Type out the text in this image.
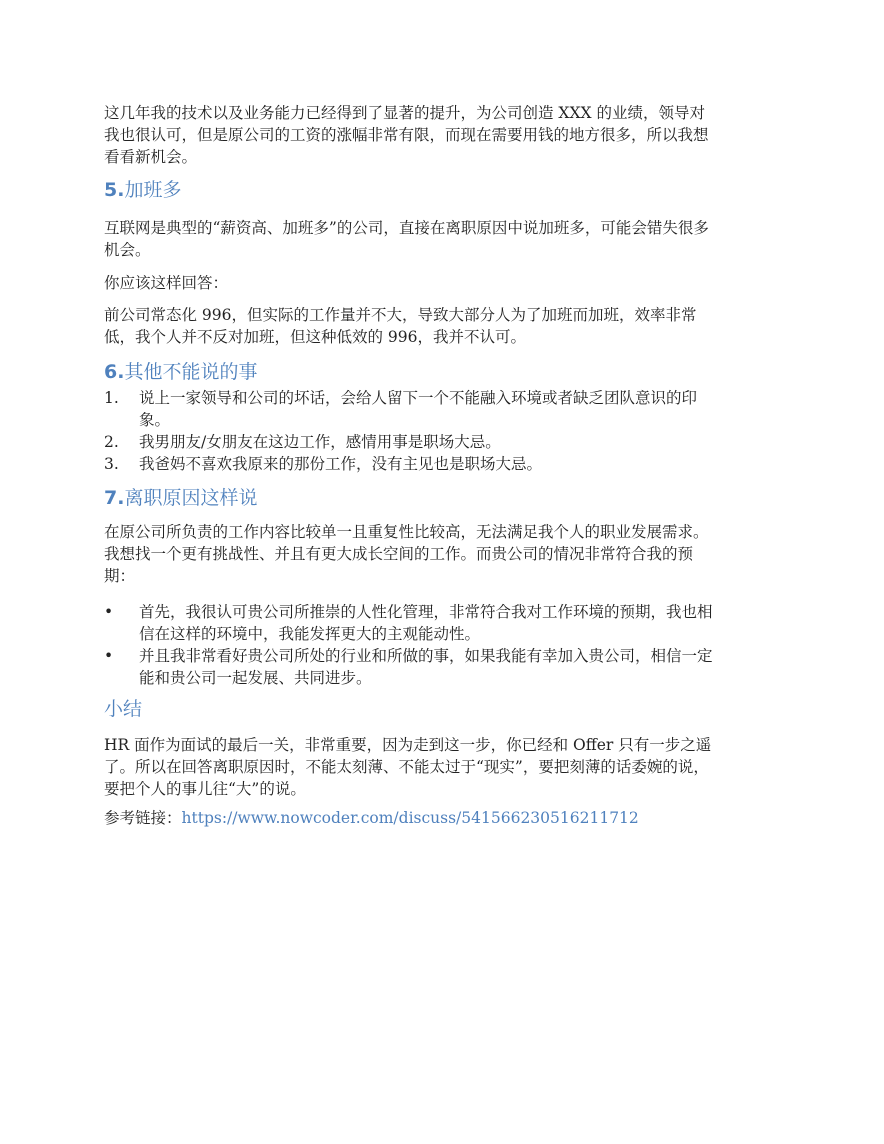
这几年我的技术以及业务能力已经得到了显著的提升，为公司创造 XXX 的业绩，领导对
我也很认可，但是原公司的工资的涨幅非常有限，而现在需要用钱的地方很多，所以我想
看看新机会。
5.加班多
互联网是典型的“薪资高、加班多”的公司，直接在离职原因中说加班多，可能会错失很多
机会。
你应该这样回答：
前公司常态化 996，但实际的工作量并不大，导致大部分人为了加班而加班，效率非常
低，我个人并不反对加班，但这种低效的 996，我并不认可。
6.其他不能说的事
1. 说上一家领导和公司的坏话，会给人留下一个不能融入环境或者缺乏团队意识的印
象。
2. 我男朋友/女朋友在这边工作，感情用事是职场大忌。
3. 我爸妈不喜欢我原来的那份工作，没有主见也是职场大忌。
7.离职原因这样说
在原公司所负责的工作内容比较单一且重复性比较高，无法满足我个人的职业发展需求。
我想找一个更有挑战性、并且有更大成长空间的工作。而贵公司的情况非常符合我的预
期：
• 首先，我很认可贵公司所推崇的人性化管理，非常符合我对工作环境的预期，我也相
信在这样的环境中，我能发挥更大的主观能动性。
• 并且我非常看好贵公司所处的行业和所做的事，如果我能有幸加入贵公司，相信一定
能和贵公司一起发展、共同进步。
小结
HR 面作为面试的最后一关，非常重要，因为走到这一步，你已经和 Offer 只有一步之遥
了。所以在回答离职原因时，不能太刻薄、不能太过于“现实”，要把刻薄的话委婉的说，
要把个人的事儿往“大”的说。
参考链接：https://www.nowcoder.com/discuss/541566230516211712
